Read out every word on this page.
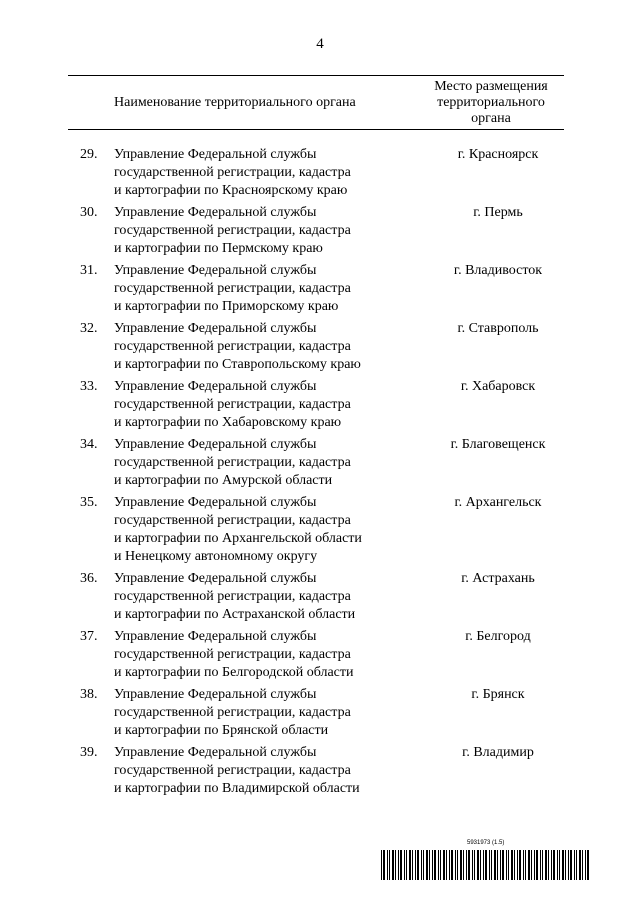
4
Наименование территориального органа
Место размещения
территориального
органа
29.	Управление Федеральной службы
государственной регистрации, кадастра
и картографии по Красноярскому краю
г. Красноярск
30.	Управление Федеральной службы
государственной регистрации, кадастра
и картографии по Пермскому краю
г. Пермь
31.	Управление Федеральной службы
государственной регистрации, кадастра
и картографии по Приморскому краю
г. Владивосток
32.	Управление Федеральной службы
государственной регистрации, кадастра
и картографии по Ставропольскому краю
г. Ставрополь
33.	Управление Федеральной службы
государственной регистрации, кадастра
и картографии по Хабаровскому краю
г. Хабаровск
34.	Управление Федеральной службы
государственной регистрации, кадастра
и картографии по Амурской области
г. Благовещенск
35.	Управление Федеральной службы
государственной регистрации, кадастра
и картографии по Архангельской области
и Ненецкому автономному округу
г. Архангельск
36.	Управление Федеральной службы
государственной регистрации, кадастра
и картографии по Астраханской области
г. Астрахань
37.	Управление Федеральной службы
государственной регистрации, кадастра
и картографии по Белгородской области
г. Белгород
38.	Управление Федеральной службы
государственной регистрации, кадастра
и картографии по Брянской области
г. Брянск
39.	Управление Федеральной службы
государственной регистрации, кадастра
и картографии по Владимирской области
г. Владимир
5931973 (1.5)
